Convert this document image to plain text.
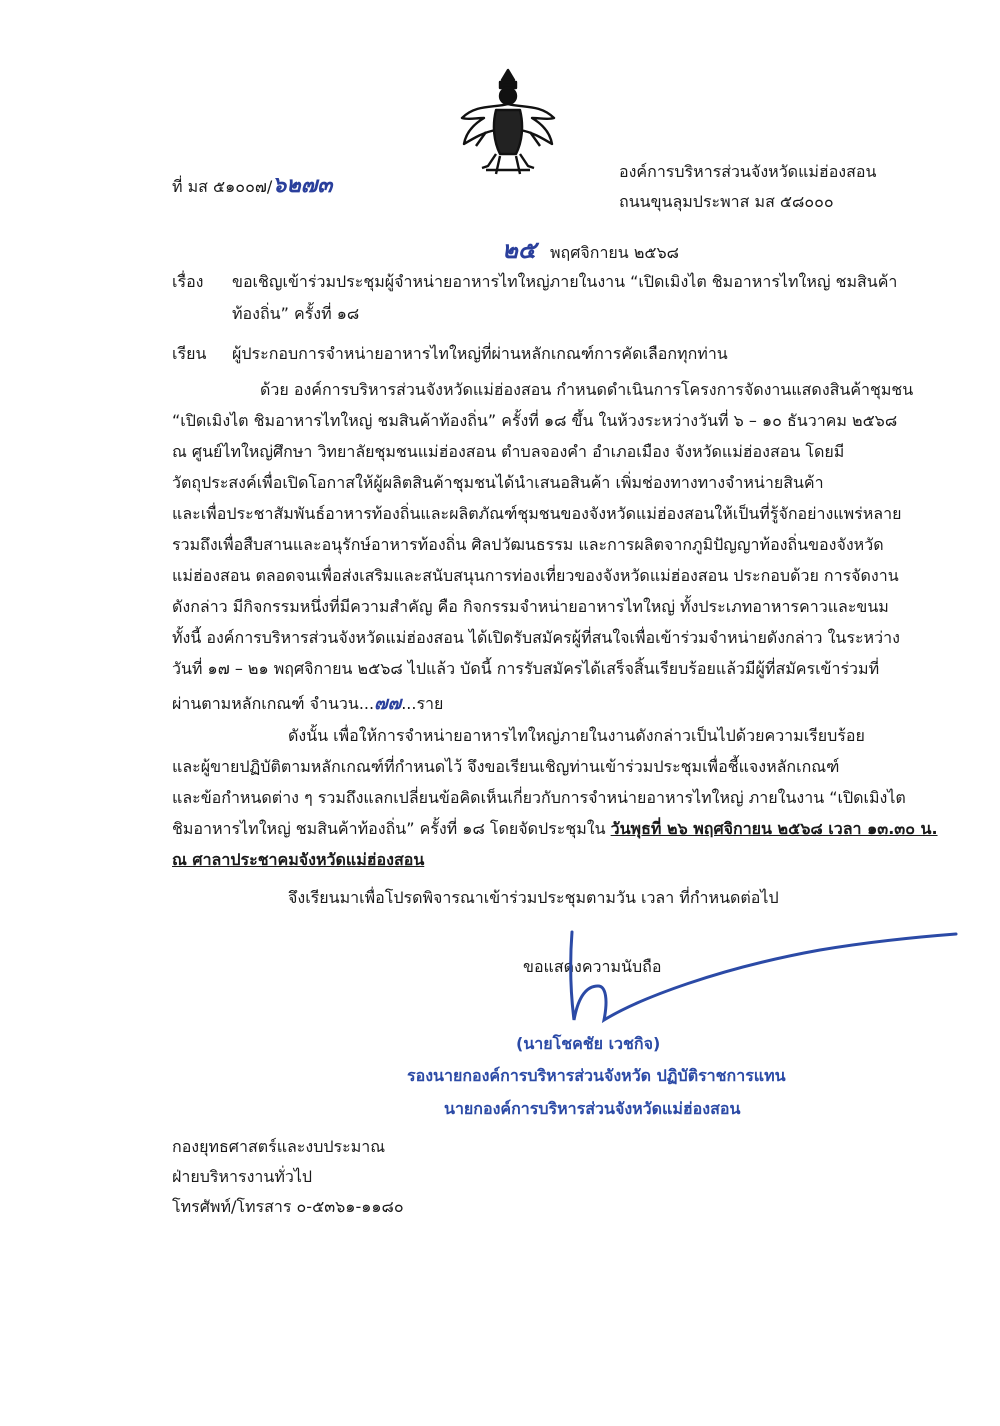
ที่ มส ๕๑๐๐๗/๖๒๗๓
องค์การบริหารส่วนจังหวัดแม่ฮ่องสอน
ถนนขุนลุมประพาส มส ๕๘๐๐๐
๒๕ พฤศจิกายน ๒๕๖๘
เรื่อง ขอเชิญเข้าร่วมประชุมผู้จำหน่ายอาหารไทใหญ่ภายในงาน “เปิดเมิงไต ชิมอาหารไทใหญ่ ชมสินค้า
ท้องถิ่น” ครั้งที่ ๑๘
เรียน ผู้ประกอบการจำหน่ายอาหารไทใหญ่ที่ผ่านหลักเกณฑ์การคัดเลือกทุกท่าน
ด้วย องค์การบริหารส่วนจังหวัดแม่ฮ่องสอน กำหนดดำเนินการโครงการจัดงานแสดงสินค้าชุมชน
“เปิดเมิงไต ชิมอาหารไทใหญ่ ชมสินค้าท้องถิ่น” ครั้งที่ ๑๘ ขึ้น ในห้วงระหว่างวันที่ ๖ – ๑๐ ธันวาคม ๒๕๖๘
ณ ศูนย์ไทใหญ่ศึกษา วิทยาลัยชุมชนแม่ฮ่องสอน ตำบลจองคำ อำเภอเมือง จังหวัดแม่ฮ่องสอน โดยมี
วัตถุประสงค์เพื่อเปิดโอกาสให้ผู้ผลิตสินค้าชุมชนได้นำเสนอสินค้า เพิ่มช่องทางทางจำหน่ายสินค้า
และเพื่อประชาสัมพันธ์อาหารท้องถิ่นและผลิตภัณฑ์ชุมชนของจังหวัดแม่ฮ่องสอนให้เป็นที่รู้จักอย่างแพร่หลาย
รวมถึงเพื่อสืบสานและอนุรักษ์อาหารท้องถิ่น ศิลปวัฒนธรรม และการผลิตจากภูมิปัญญาท้องถิ่นของจังหวัด
แม่ฮ่องสอน ตลอดจนเพื่อส่งเสริมและสนับสนุนการท่องเที่ยวของจังหวัดแม่ฮ่องสอน ประกอบด้วย การจัดงาน
ดังกล่าว มีกิจกรรมหนึ่งที่มีความสำคัญ คือ กิจกรรมจำหน่ายอาหารไทใหญ่ ทั้งประเภทอาหารคาวและขนม
ทั้งนี้ องค์การบริหารส่วนจังหวัดแม่ฮ่องสอน ได้เปิดรับสมัครผู้ที่สนใจเพื่อเข้าร่วมจำหน่ายดังกล่าว ในระหว่าง
วันที่ ๑๗ – ๒๑ พฤศจิกายน ๒๕๖๘ ไปแล้ว บัดนี้ การรับสมัครได้เสร็จสิ้นเรียบร้อยแล้วมีผู้ที่สมัครเข้าร่วมที่
ผ่านตามหลักเกณฑ์ จำนวน...๗๗...ราย
ดังนั้น เพื่อให้การจำหน่ายอาหารไทใหญ่ภายในงานดังกล่าวเป็นไปด้วยความเรียบร้อย
และผู้ขายปฏิบัติตามหลักเกณฑ์ที่กำหนดไว้ จึงขอเรียนเชิญท่านเข้าร่วมประชุมเพื่อชี้แจงหลักเกณฑ์
และข้อกำหนดต่าง ๆ รวมถึงแลกเปลี่ยนข้อคิดเห็นเกี่ยวกับการจำหน่ายอาหารไทใหญ่ ภายในงาน “เปิดเมิงไต
ชิมอาหารไทใหญ่ ชมสินค้าท้องถิ่น” ครั้งที่ ๑๘ โดยจัดประชุมใน วันพุธที่ ๒๖ พฤศจิกายน ๒๕๖๘ เวลา ๑๓.๓๐ น.
ณ ศาลาประชาคมจังหวัดแม่ฮ่องสอน
จึงเรียนมาเพื่อโปรดพิจารณาเข้าร่วมประชุมตามวัน เวลา ที่กำหนดต่อไป
ขอแสดงความนับถือ
(นายโชคชัย เวชกิจ)
รองนายกองค์การบริหารส่วนจังหวัด ปฏิบัติราชการแทน
นายกองค์การบริหารส่วนจังหวัดแม่ฮ่องสอน
กองยุทธศาสตร์และงบประมาณ
ฝ่ายบริหารงานทั่วไป
โทรศัพท์/โทรสาร ๐-๕๓๖๑-๑๑๘๐
